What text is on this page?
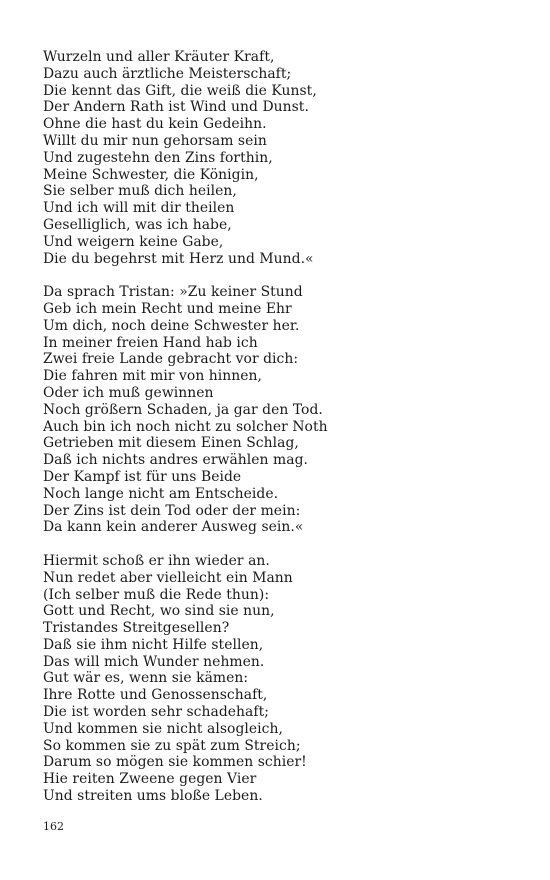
Wurzeln und aller Kräuter Kraft,
Dazu auch ärztliche Meisterschaft;
Die kennt das Gift, die weiß die Kunst,
Der Andern Rath ist Wind und Dunst.
Ohne die hast du kein Gedeihn.
Willt du mir nun gehorsam sein
Und zugestehn den Zins forthin,
Meine Schwester, die Königin,
Sie selber muß dich heilen,
Und ich will mit dir theilen
Geselliglich, was ich habe,
Und weigern keine Gabe,
Die du begehrst mit Herz und Mund.«
Da sprach Tristan: »Zu keiner Stund
Geb ich mein Recht und meine Ehr
Um dich, noch deine Schwester her.
In meiner freien Hand hab ich
Zwei freie Lande gebracht vor dich:
Die fahren mit mir von hinnen,
Oder ich muß gewinnen
Noch größern Schaden, ja gar den Tod.
Auch bin ich noch nicht zu solcher Noth
Getrieben mit diesem Einen Schlag,
Daß ich nichts andres erwählen mag.
Der Kampf ist für uns Beide
Noch lange nicht am Entscheide.
Der Zins ist dein Tod oder der mein:
Da kann kein anderer Ausweg sein.«
Hiermit schoß er ihn wieder an.
Nun redet aber vielleicht ein Mann
(Ich selber muß die Rede thun):
Gott und Recht, wo sind sie nun,
Tristandes Streitgesellen?
Daß sie ihm nicht Hilfe stellen,
Das will mich Wunder nehmen.
Gut wär es, wenn sie kämen:
Ihre Rotte und Genossenschaft,
Die ist worden sehr schadehaft;
Und kommen sie nicht alsogleich,
So kommen sie zu spät zum Streich;
Darum so mögen sie kommen schier!
Hie reiten Zweene gegen Vier
Und streiten ums bloße Leben.
162
